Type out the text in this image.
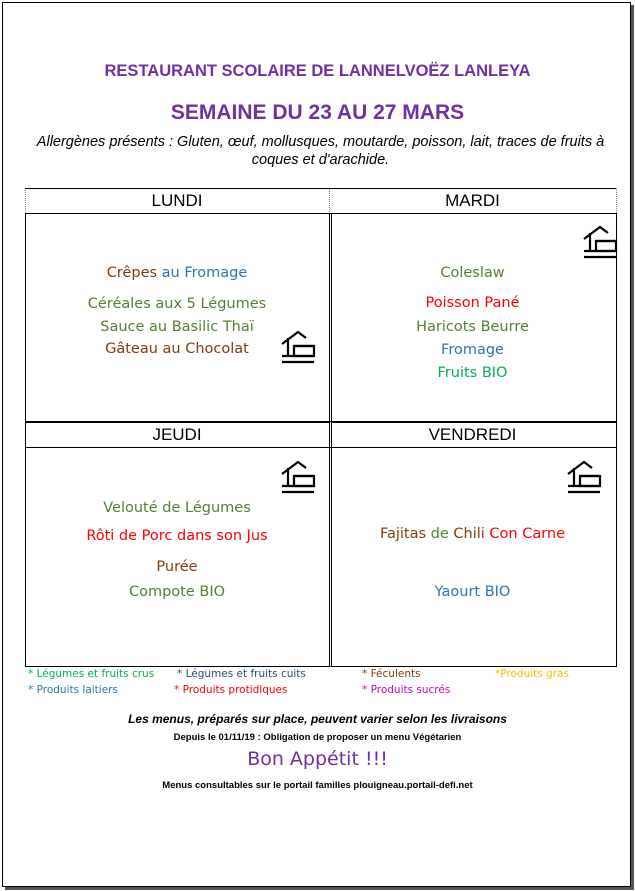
RESTAURANT SCOLAIRE DE LANNELVOËZ LANLEYA
SEMAINE DU 23 AU 27 MARS
Allergènes présents : Gluten, œuf, mollusques, moutarde, poisson, lait, traces de fruits à coques et d'arachide.
LUNDI	MARDI
JEUDI	VENDREDI
Crêpes au Fromage
Céréales aux 5 Légumes
Sauce au Basilic Thaï
Gâteau au Chocolat
Coleslaw
Poisson Pané
Haricots Beurre
Fromage
Fruits BIO
Velouté de Légumes
Rôti de Porc dans son Jus
Purée
Compote BIO
Fajitas de Chili Con Carne
Yaourt BIO
* Légumes et fruits crus * Légumes et fruits cuits	* Féculents	*Produits gras
* Produits laitiers	* Produits protidiques	* Produits sucrés
Les menus, préparés sur place, peuvent varier selon les livraisons
Depuis le 01/11/19 : Obligation de proposer un menu Végétarien
Bon Appétit !!!
Menus consultables sur le portail familles plouigneau.portail-defi.net
